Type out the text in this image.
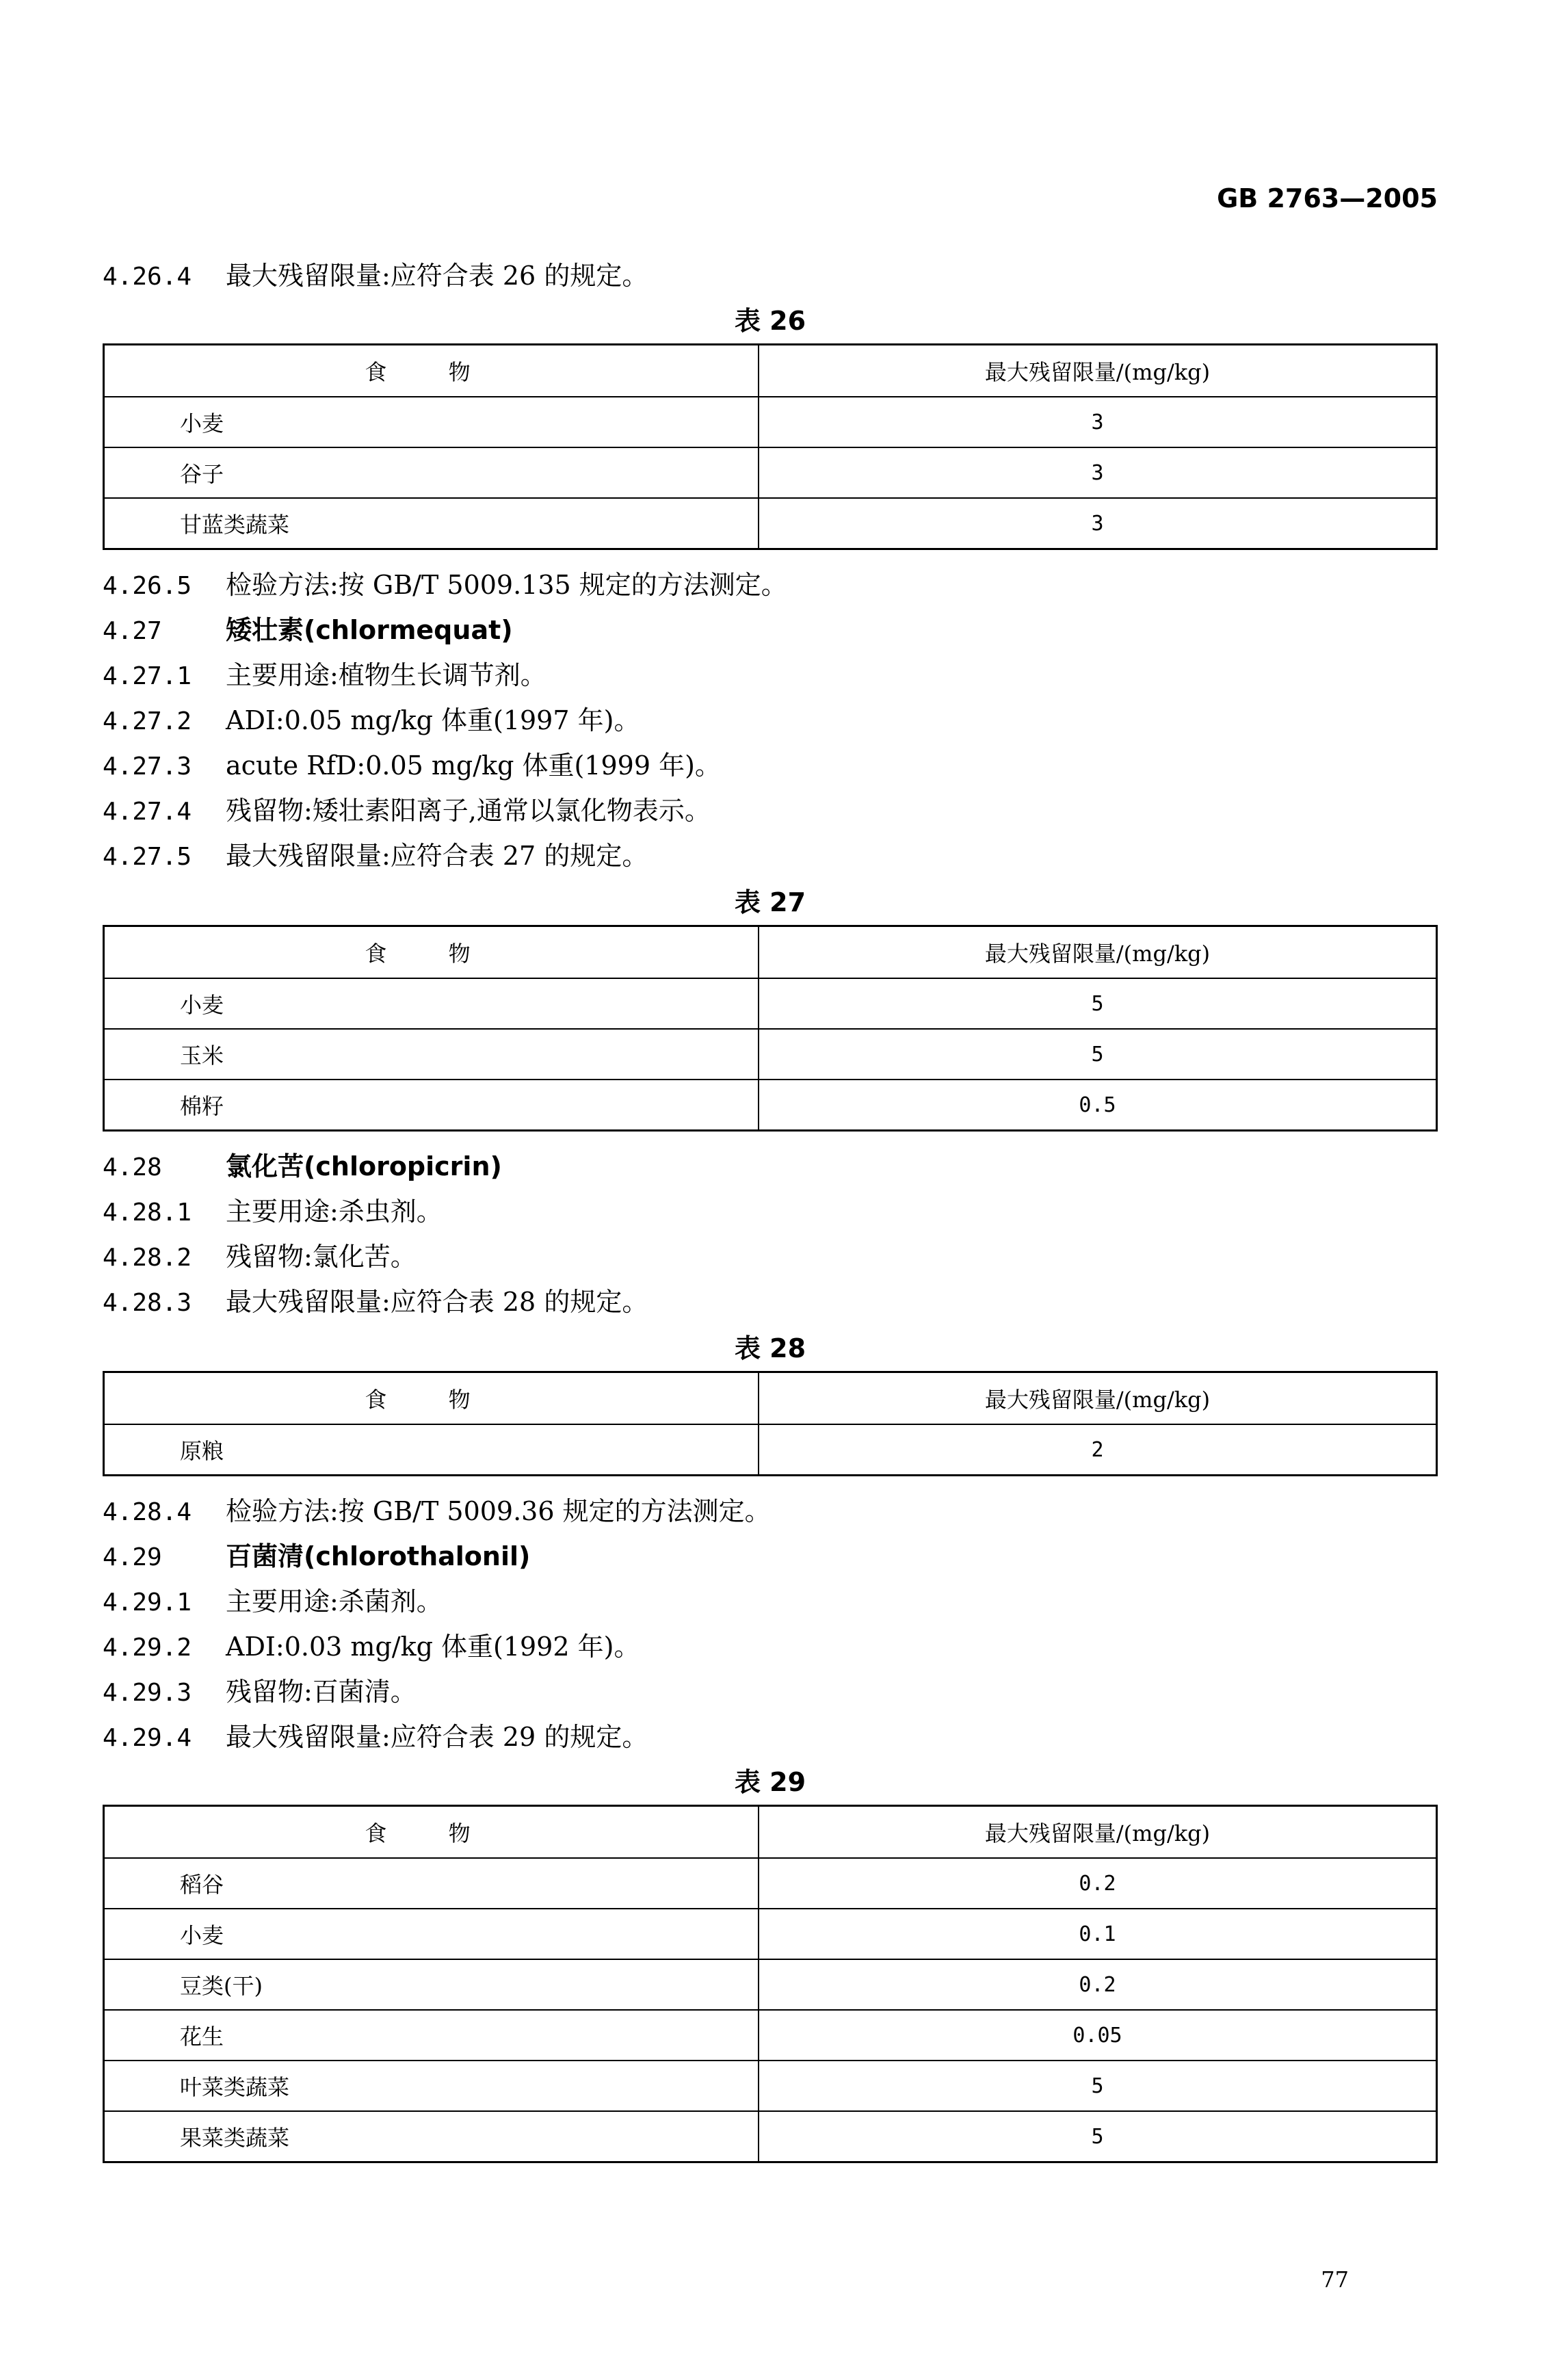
GB 2763—2005
4.26.4 最大残留限量:应符合表 26 的规定。
表 26
食 物	最大残留限量/(mg/kg)
小麦	3
谷子	3
甘蓝类蔬菜	3
4.26.5 检验方法:按 GB/T 5009.135 规定的方法测定。
4.27 矮壮素(chlormequat)
4.27.1 主要用途:植物生长调节剂。
4.27.2 ADI:0.05 mg/kg 体重(1997 年)。
4.27.3 acute RfD:0.05 mg/kg 体重(1999 年)。
4.27.4 残留物:矮壮素阳离子,通常以氯化物表示。
4.27.5 最大残留限量:应符合表 27 的规定。
表 27
食 物	最大残留限量/(mg/kg)
小麦	5
玉米	5
棉籽	0.5
4.28 氯化苦(chloropicrin)
4.28.1 主要用途:杀虫剂。
4.28.2 残留物:氯化苦。
4.28.3 最大残留限量:应符合表 28 的规定。
表 28
食 物	最大残留限量/(mg/kg)
原粮	2
4.28.4 检验方法:按 GB/T 5009.36 规定的方法测定。
4.29 百菌清(chlorothalonil)
4.29.1 主要用途:杀菌剂。
4.29.2 ADI:0.03 mg/kg 体重(1992 年)。
4.29.3 残留物:百菌清。
4.29.4 最大残留限量:应符合表 29 的规定。
表 29
食 物	最大残留限量/(mg/kg)
稻谷	0.2
小麦	0.1
豆类(干)	0.2
花生	0.05
叶菜类蔬菜	5
果菜类蔬菜	5
77
